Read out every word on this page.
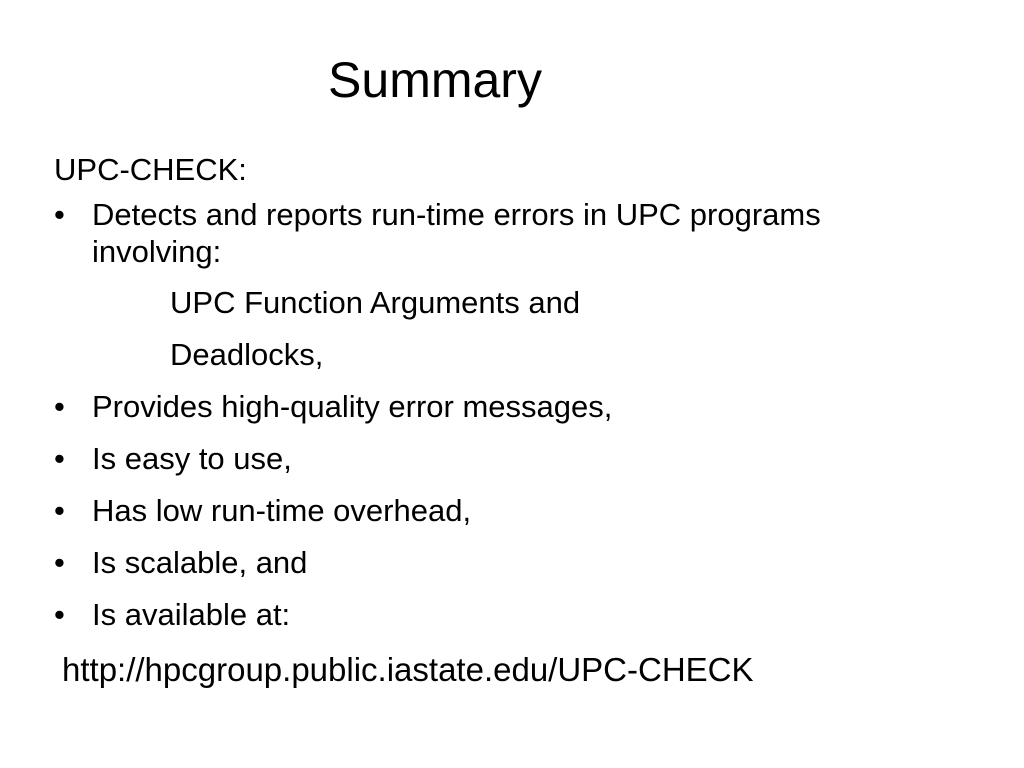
Summary
UPC-CHECK:
• Detects and reports run-time errors in UPC programs involving:
UPC Function Arguments and
Deadlocks,
• Provides high-quality error messages,
• Is easy to use,
• Has low run-time overhead,
• Is scalable, and
• Is available at:
http://hpcgroup.public.iastate.edu/UPC-CHECK
